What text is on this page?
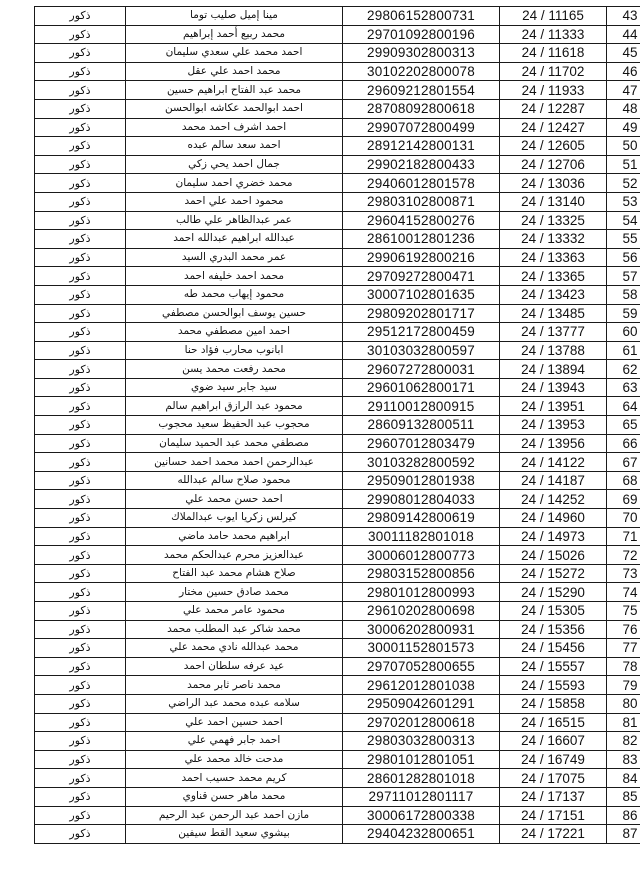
ذكور	مينا إميل صليب توما	29806152800731	24 / 11165	43
ذكور	محمد ربيع أحمد إبراهيم	29701092800196	24 / 11333	44
ذكور	احمد محمد علي سعدي سليمان	29909302800313	24 / 11618	45
ذكور	محمد احمد علي عقل	30102202800078	24 / 11702	46
ذكور	محمد عبد الفتاح ابراهيم حسين	29609212801554	24 / 11933	47
ذكور	احمد ابوالحمد عكاشه ابوالحسن	28708092800618	24 / 12287	48
ذكور	احمد اشرف احمد محمد	29907072800499	24 / 12427	49
ذكور	احمد سعد سالم عبده	28912142800131	24 / 12605	50
ذكور	جمال احمد يحي زكي	29902182800433	24 / 12706	51
ذكور	محمد خضري احمد سليمان	29406012801578	24 / 13036	52
ذكور	محمود احمد علي احمد	29803102800871	24 / 13140	53
ذكور	عمر عبدالظاهر علي طالب	29604152800276	24 / 13325	54
ذكور	عبدالله ابراهيم عبدالله احمد	28610012801236	24 / 13332	55
ذكور	عمر محمد البدري السيد	29906192800216	24 / 13363	56
ذكور	محمد احمد خليفه احمد	29709272800471	24 / 13365	57
ذكور	محمود إيهاب محمد طه	30007102801635	24 / 13423	58
ذكور	حسين يوسف ابوالحسن مصطفي	29809202801717	24 / 13485	59
ذكور	احمد امين مصطفي محمد	29512172800459	24 / 13777	60
ذكور	ابانوب محارب فؤاد حنا	30103032800597	24 / 13788	61
ذكور	محمد رفعت محمد يسن	29607272800031	24 / 13894	62
ذكور	سيد جابر سيد ضوي	29601062800171	24 / 13943	63
ذكور	محمود عبد الرازق ابراهيم سالم	29110012800915	24 / 13951	64
ذكور	محجوب عبد الحفيظ سعيد محجوب	28609132800511	24 / 13953	65
ذكور	مصطفي محمد عبد الحميد سليمان	29607012803479	24 / 13956	66
ذكور	عبدالرحمن احمد محمد احمد حسانين	30103282800592	24 / 14122	67
ذكور	محمود صلاح سالم عبدالله	29509012801938	24 / 14187	68
ذكور	احمد حسن محمد علي	29908012804033	24 / 14252	69
ذكور	كيرلس زكريا ايوب عبدالملاك	29809142800619	24 / 14960	70
ذكور	ابراهيم محمد حامد ماضي	30011182801018	24 / 14973	71
ذكور	عبدالعزيز محرم عبدالحكم محمد	30006012800773	24 / 15026	72
ذكور	صلاح هشام محمد عبد الفتاح	29803152800856	24 / 15272	73
ذكور	محمد صادق حسين مختار	29801012800993	24 / 15290	74
ذكور	محمود عامر محمد علي	29610202800698	24 / 15305	75
ذكور	محمد شاكر عبد المطلب محمد	30006202800931	24 / 15356	76
ذكور	محمد عبدالله نادي محمد علي	30001152801573	24 / 15456	77
ذكور	عيد عرفه سلطان احمد	29707052800655	24 / 15557	78
ذكور	محمد ناصر ثابر محمد	29612012801038	24 / 15593	79
ذكور	سلامه عبده محمد عبد الراضي	29509042601291	24 / 15858	80
ذكور	احمد حسين احمد علي	29702012800618	24 / 16515	81
ذكور	احمد جابر فهمي علي	29803032800313	24 / 16607	82
ذكور	مدحت خالد محمد علي	29801012801051	24 / 16749	83
ذكور	كريم محمد حسيب احمد	28601282801018	24 / 17075	84
ذكور	محمد ماهر حسن قناوي	29711012801117	24 / 17137	85
ذكور	مازن احمد عبد الرحمن عبد الرحيم	30006172800338	24 / 17151	86
ذكور	بيشوي سعيد القط سيفين	29404232800651	24 / 17221	87
